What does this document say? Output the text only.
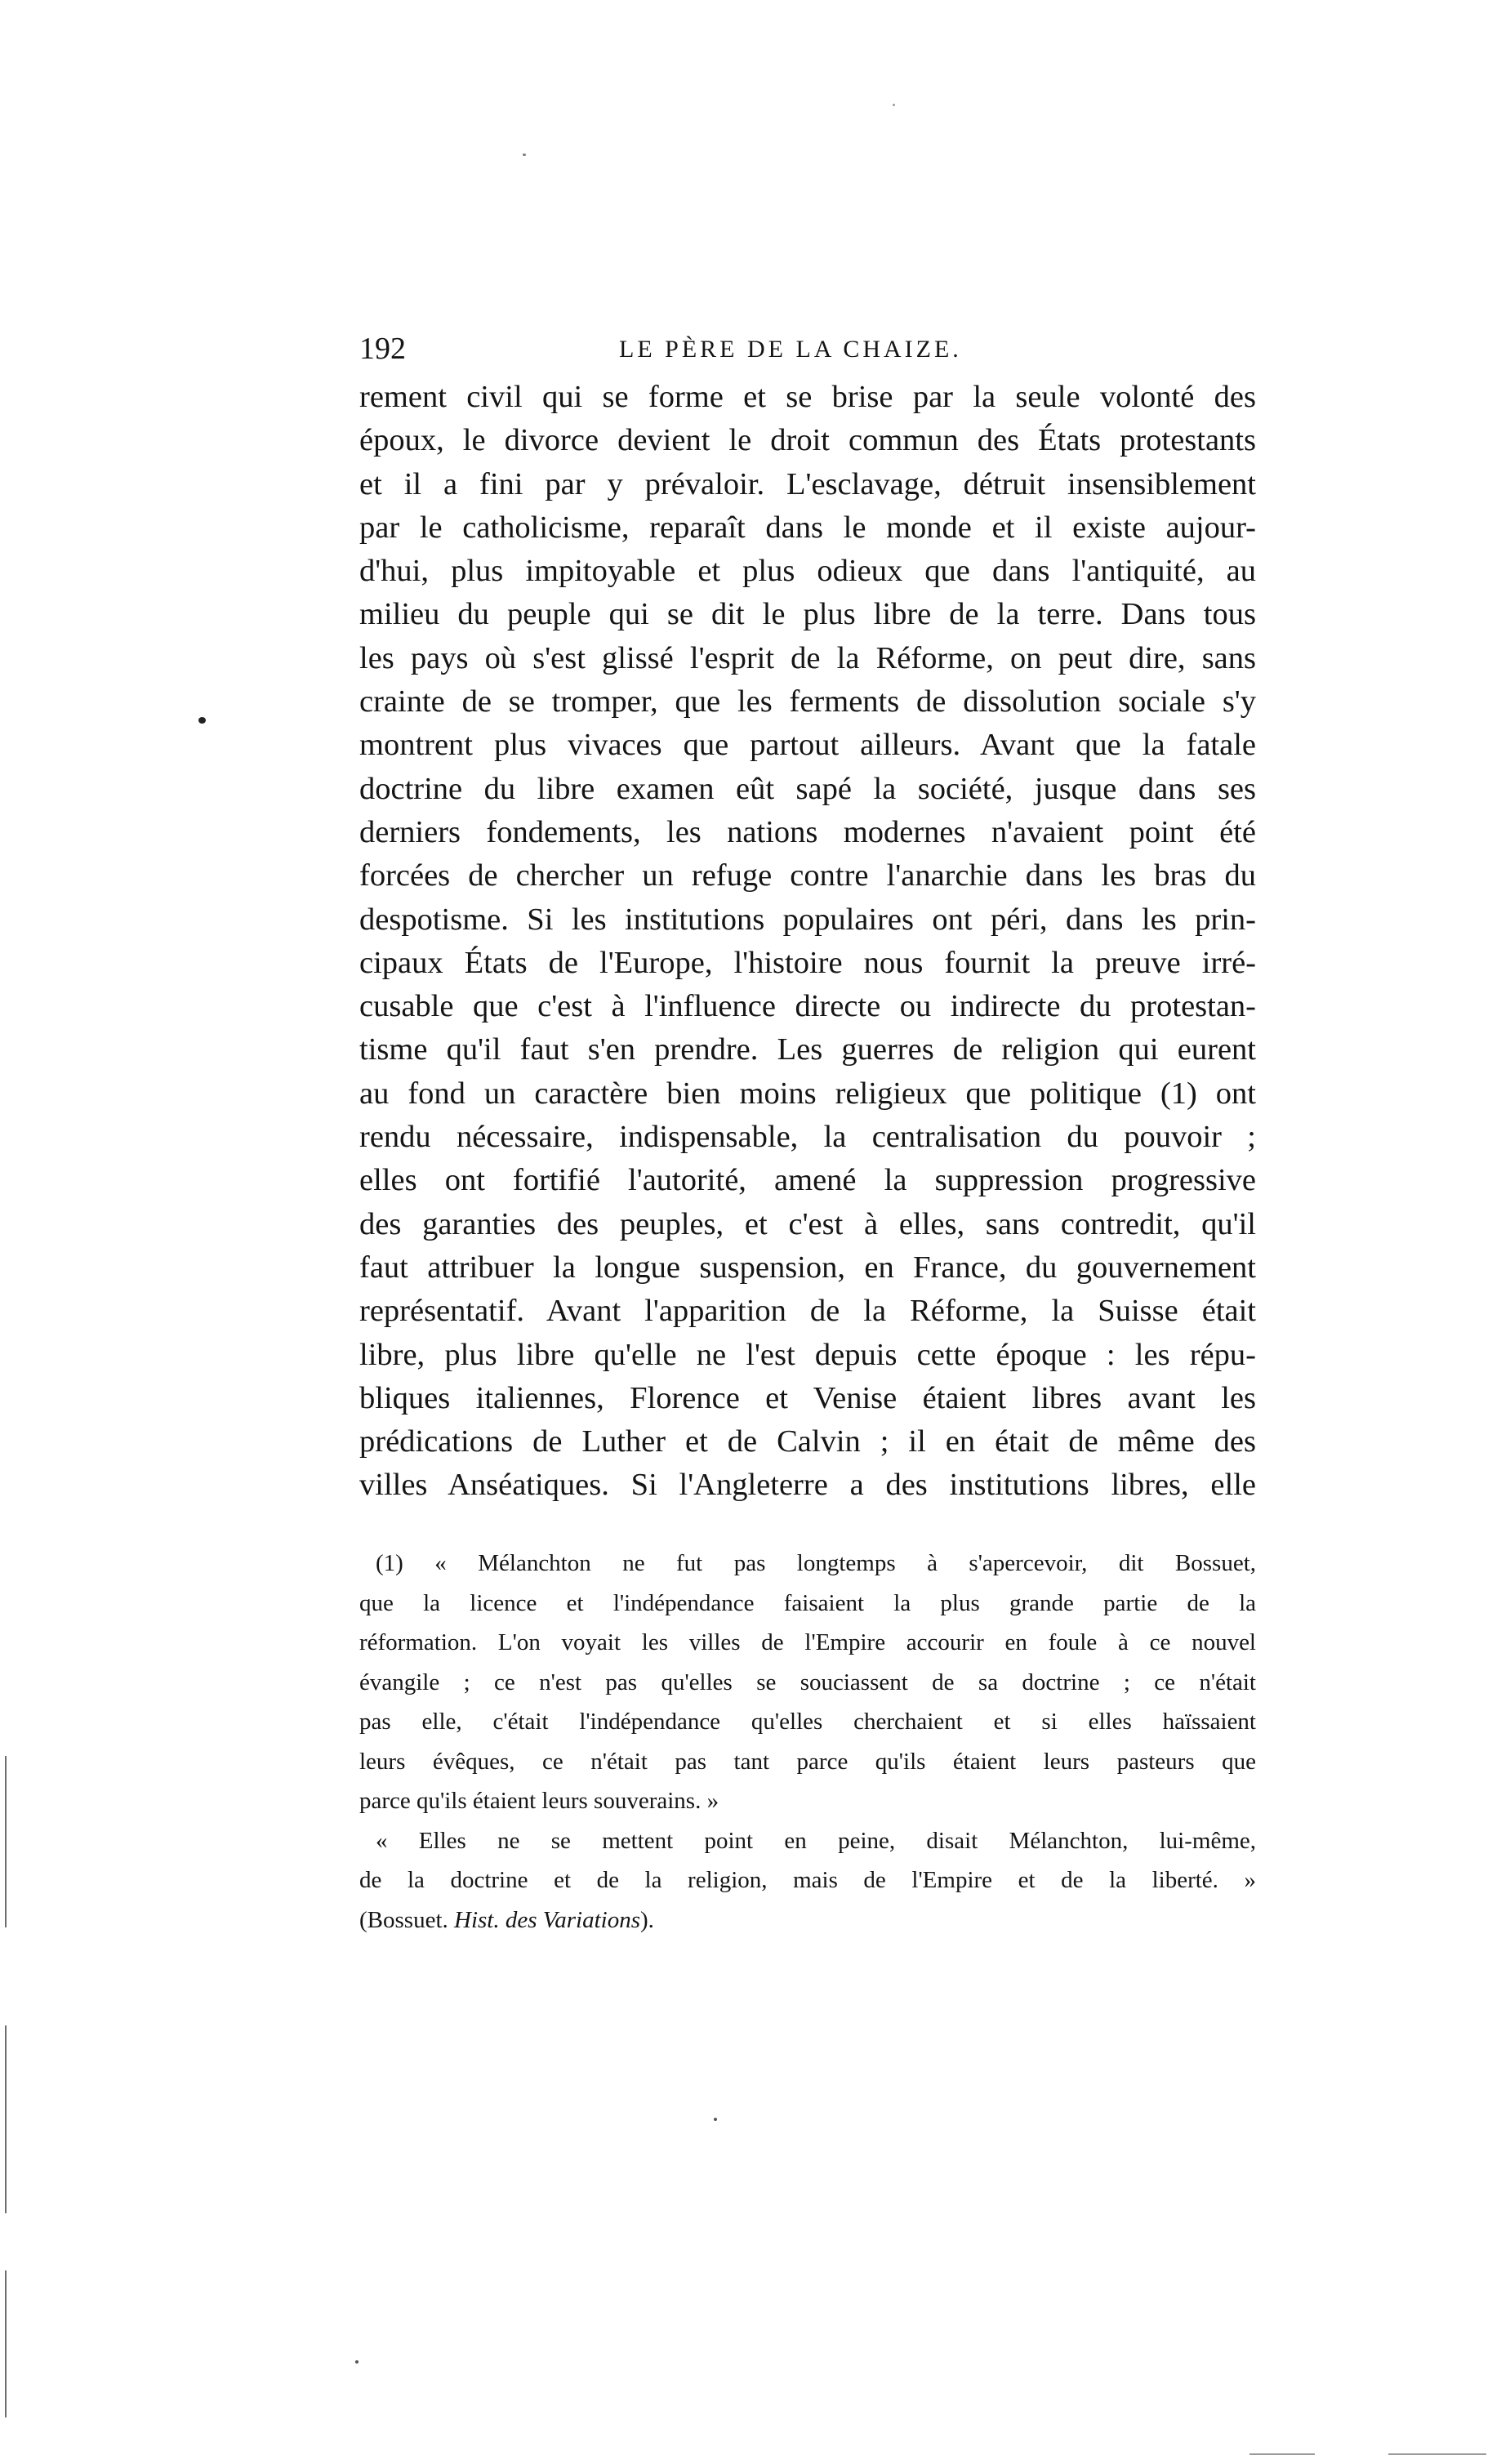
192	LE PÈRE DE LA CHAIZE.
rement civil qui se forme et se brise par la seule volonté des
époux, le divorce devient le droit commun des États protestants
et il a fini par y prévaloir. L'esclavage, détruit insensiblement
par le catholicisme, reparaît dans le monde et il existe aujour-
d'hui, plus impitoyable et plus odieux que dans l'antiquité, au
milieu du peuple qui se dit le plus libre de la terre. Dans tous
les pays où s'est glissé l'esprit de la Réforme, on peut dire, sans
crainte de se tromper, que les ferments de dissolution sociale s'y
montrent plus vivaces que partout ailleurs. Avant que la fatale
doctrine du libre examen eût sapé la société, jusque dans ses
derniers fondements, les nations modernes n'avaient point été
forcées de chercher un refuge contre l'anarchie dans les bras du
despotisme. Si les institutions populaires ont péri, dans les prin-
cipaux États de l'Europe, l'histoire nous fournit la preuve irré-
cusable que c'est à l'influence directe ou indirecte du protestan-
tisme qu'il faut s'en prendre. Les guerres de religion qui eurent
au fond un caractère bien moins religieux que politique (1) ont
rendu nécessaire, indispensable, la centralisation du pouvoir ;
elles ont fortifié l'autorité, amené la suppression progressive
des garanties des peuples, et c'est à elles, sans contredit, qu'il
faut attribuer la longue suspension, en France, du gouvernement
représentatif. Avant l'apparition de la Réforme, la Suisse était
libre, plus libre qu'elle ne l'est depuis cette époque : les répu-
bliques italiennes, Florence et Venise étaient libres avant les
prédications de Luther et de Calvin ; il en était de même des
villes Anséatiques. Si l'Angleterre a des institutions libres, elle
(1) « Mélanchton ne fut pas longtemps à s'apercevoir, dit Bossuet,
que la licence et l'indépendance faisaient la plus grande partie de la
réformation. L'on voyait les villes de l'Empire accourir en foule à ce nouvel
évangile ; ce n'est pas qu'elles se souciassent de sa doctrine ; ce n'était
pas elle, c'était l'indépendance qu'elles cherchaient et si elles haïssaient
leurs évêques, ce n'était pas tant parce qu'ils étaient leurs pasteurs que
parce qu'ils étaient leurs souverains. »
« Elles ne se mettent point en peine, disait Mélanchton, lui-même,
de la doctrine et de la religion, mais de l'Empire et de la liberté. »
(Bossuet. Hist. des Variations).
